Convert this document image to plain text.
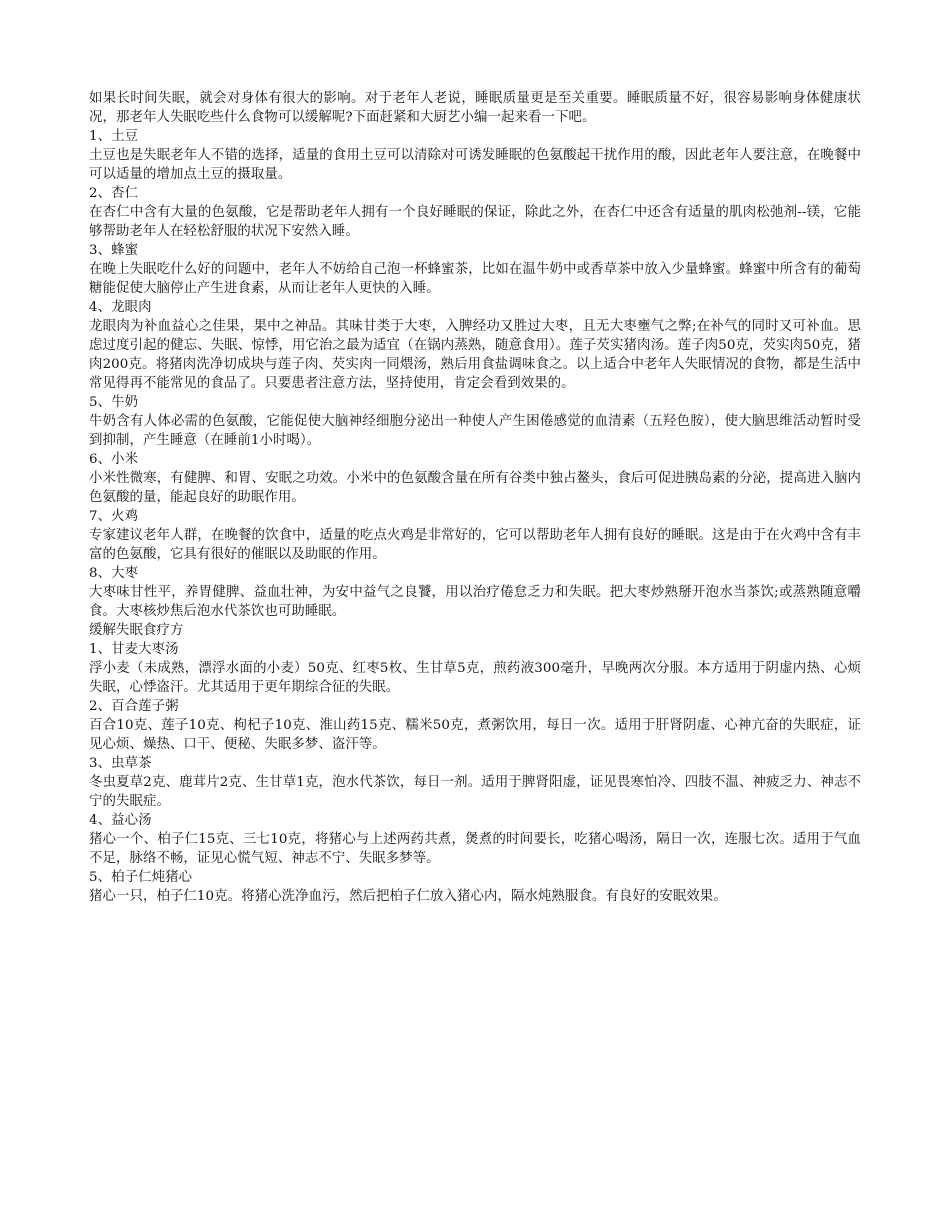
如果长时间失眠，就会对身体有很大的影响。对于老年人老说，睡眠质量更是至关重要。睡眠质量不好，很容易影响身体健康状况，那老年人失眠吃些什么食物可以缓解呢?下面赶紧和大厨艺小编一起来看一下吧。

1、土豆

土豆也是失眠老年人不错的选择，适量的食用土豆可以清除对可诱发睡眠的色氨酸起干扰作用的酸，因此老年人要注意，在晚餐中可以适量的增加点土豆的摄取量。

2、杏仁

在杏仁中含有大量的色氨酸，它是帮助老年人拥有一个良好睡眠的保证，除此之外，在杏仁中还含有适量的肌肉松弛剂--镁，它能够帮助老年人在轻松舒服的状况下安然入睡。

3、蜂蜜

在晚上失眠吃什么好的问题中，老年人不妨给自己泡一杯蜂蜜茶，比如在温牛奶中或香草茶中放入少量蜂蜜。蜂蜜中所含有的葡萄糖能促使大脑停止产生进食素，从而让老年人更快的入睡。

4、龙眼肉

龙眼肉为补血益心之佳果，果中之神品。其味甘类于大枣，入脾经功又胜过大枣，且无大枣壅气之弊;在补气的同时又可补血。思虑过度引起的健忘、失眠、惊悸，用它治之最为适宜（在锅内蒸熟，随意食用）。莲子芡实猪肉汤。莲子肉50克，芡实肉50克，猪肉200克。将猪肉洗净切成块与莲子肉、芡实肉一同煨汤，熟后用食盐调味食之。以上适合中老年人失眠情况的食物，都是生活中常见得再不能常见的食品了。只要患者注意方法，坚持使用，肯定会看到效果的。

5、牛奶

牛奶含有人体必需的色氨酸，它能促使大脑神经细胞分泌出一种使人产生困倦感觉的血清素（五羟色胺），使大脑思维活动暂时受到抑制，产生睡意（在睡前1小时喝）。

6、小米

小米性微寒，有健脾、和胃、安眠之功效。小米中的色氨酸含量在所有谷类中独占鳌头，食后可促进胰岛素的分泌，提高进入脑内色氨酸的量，能起良好的助眠作用。

7、火鸡

专家建议老年人群，在晚餐的饮食中，适量的吃点火鸡是非常好的，它可以帮助老年人拥有良好的睡眠。这是由于在火鸡中含有丰富的色氨酸，它具有很好的催眠以及助眠的作用。

8、大枣

大枣味甘性平，养胃健脾、益血壮神，为安中益气之良饕，用以治疗倦怠乏力和失眠。把大枣炒熟掰开泡水当茶饮;或蒸熟随意嚼食。大枣核炒焦后泡水代茶饮也可助睡眠。

缓解失眠食疗方

1、甘麦大枣汤

浮小麦（未成熟，漂浮水面的小麦）50克、红枣5枚、生甘草5克，煎药液300毫升，早晚两次分服。本方适用于阴虚内热、心烦失眠，心悸盗汗。尤其适用于更年期综合征的失眠。

2、百合莲子粥

百合10克、莲子10克、枸杞子10克、淮山药15克、糯米50克，煮粥饮用，每日一次。适用于肝肾阴虚、心神亢奋的失眠症，证见心烦、燥热、口干、便秘、失眠多梦、盗汗等。

3、虫草茶

冬虫夏草2克、鹿茸片2克、生甘草1克，泡水代茶饮，每日一剂。适用于脾肾阳虚，证见畏寒怕冷、四肢不温、神疲乏力、神志不宁的失眠症。

4、益心汤

猪心一个、柏子仁15克、三七10克，将猪心与上述两药共煮，煲煮的时间要长，吃猪心喝汤，隔日一次，连服七次。适用于气血不足，脉络不畅，证见心慌气短、神志不宁、失眠多梦等。

5、柏子仁炖猪心

猪心一只，柏子仁10克。将猪心洗净血污，然后把柏子仁放入猪心内，隔水炖熟服食。有良好的安眠效果。
